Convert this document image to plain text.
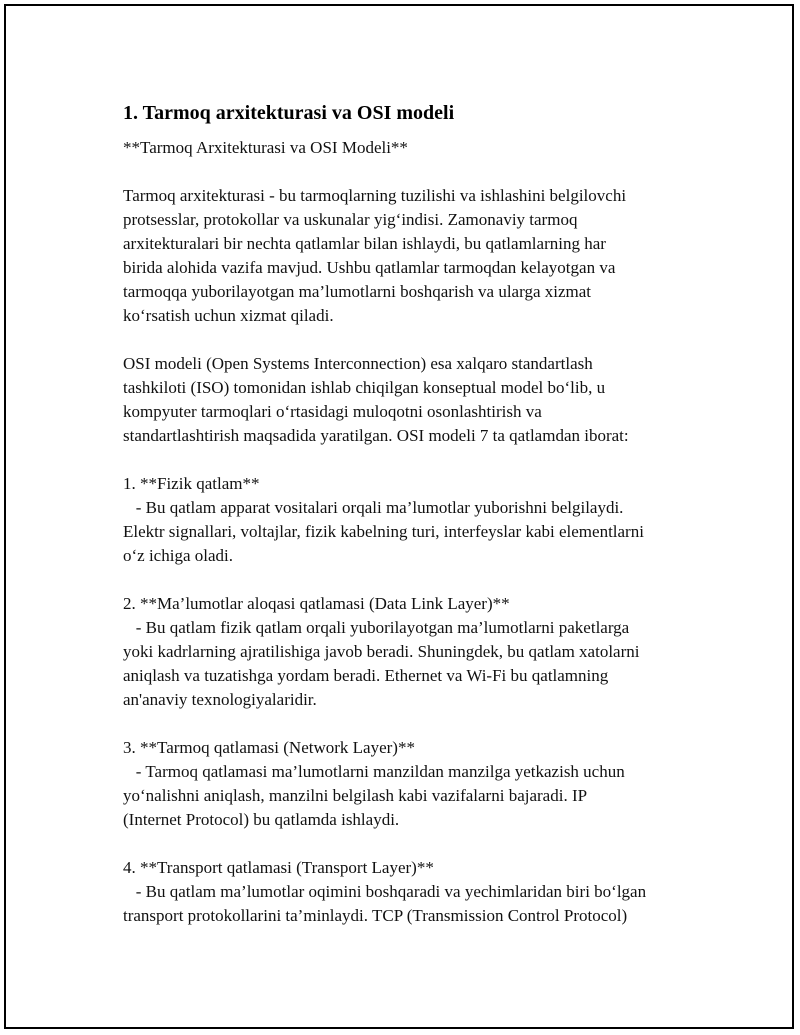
1. Tarmoq arxitekturasi va OSI modeli

**Tarmoq Arxitekturasi va OSI Modeli**

Tarmoq arxitekturasi - bu tarmoqlarning tuzilishi va ishlashini belgilovchi
protsesslar, protokollar va uskunalar yig‘indisi. Zamonaviy tarmoq
arxitekturalari bir nechta qatlamlar bilan ishlaydi, bu qatlamlarning har
birida alohida vazifa mavjud. Ushbu qatlamlar tarmoqdan kelayotgan va
tarmoqqa yuborilayotgan ma’lumotlarni boshqarish va ularga xizmat
ko‘rsatish uchun xizmat qiladi.
OSI modeli (Open Systems Interconnection) esa xalqaro standartlash
tashkiloti (ISO) tomonidan ishlab chiqilgan konseptual model bo‘lib, u
kompyuter tarmoqlari o‘rtasidagi muloqotni osonlashtirish va
standartlashtirish maqsadida yaratilgan. OSI modeli 7 ta qatlamdan iborat:
1. **Fizik qatlam**
- Bu qatlam apparat vositalari orqali ma’lumotlar yuborishni belgilaydi.
Elektr signallari, voltajlar, fizik kabelning turi, interfeyslar kabi elementlarni
o‘z ichiga oladi.
2. **Ma’lumotlar aloqasi qatlamasi (Data Link Layer)**
- Bu qatlam fizik qatlam orqali yuborilayotgan ma’lumotlarni paketlarga
yoki kadrlarning ajratilishiga javob beradi. Shuningdek, bu qatlam xatolarni
aniqlash va tuzatishga yordam beradi. Ethernet va Wi-Fi bu qatlamning
an'anaviy texnologiyalaridir.
3. **Tarmoq qatlamasi (Network Layer)**
- Tarmoq qatlamasi ma’lumotlarni manzildan manzilga yetkazish uchun
yo‘nalishni aniqlash, manzilni belgilash kabi vazifalarni bajaradi. IP
(Internet Protocol) bu qatlamda ishlaydi.
4. **Transport qatlamasi (Transport Layer)**
- Bu qatlam ma’lumotlar oqimini boshqaradi va yechimlaridan biri bo‘lgan
transport protokollarini ta’minlaydi. TCP (Transmission Control Protocol)
